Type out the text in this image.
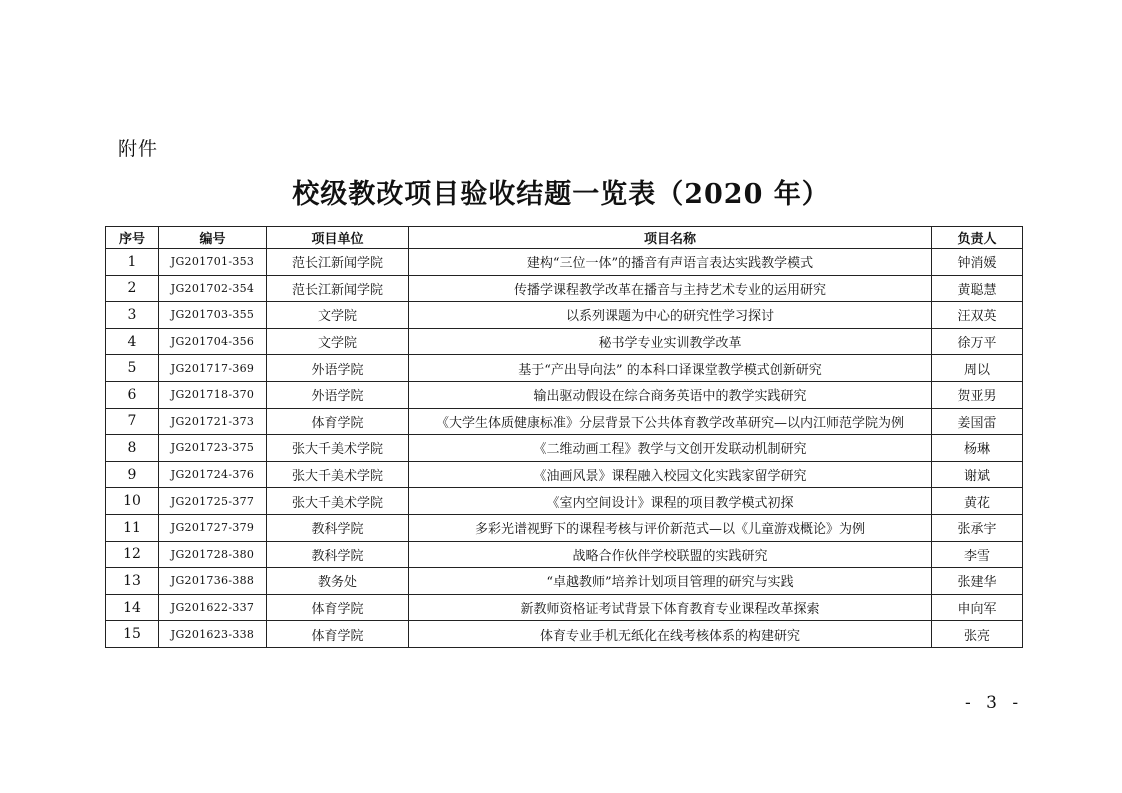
附件
校级教改项目验收结题一览表（2020 年）
序号	编号	项目单位	项目名称	负责人
1	JG201701-353	范长江新闻学院	建构“三位一体”的播音有声语言表达实践教学模式	钟消媛
2	JG201702-354	范长江新闻学院	传播学课程教学改革在播音与主持艺术专业的运用研究	黄聪慧
3	JG201703-355	文学院	以系列课题为中心的研究性学习探讨	汪双英
4	JG201704-356	文学院	秘书学专业实训教学改革	徐万平
5	JG201717-369	外语学院	基于“产出导向法” 的本科口译课堂教学模式创新研究	周以
6	JG201718-370	外语学院	输出驱动假设在综合商务英语中的教学实践研究	贺亚男
7	JG201721-373	体育学院	《大学生体质健康标准》分层背景下公共体育教学改革研究—以内江师范学院为例	姜国雷
8	JG201723-375	张大千美术学院	《二维动画工程》教学与文创开发联动机制研究	杨琳
9	JG201724-376	张大千美术学院	《油画风景》课程融入校园文化实践家留学研究	谢斌
10	JG201725-377	张大千美术学院	《室内空间设计》课程的项目教学模式初探	黄花
11	JG201727-379	教科学院	多彩光谱视野下的课程考核与评价新范式—以《儿童游戏概论》为例	张承宇
12	JG201728-380	教科学院	战略合作伙伴学校联盟的实践研究	李雪
13	JG201736-388	教务处	“卓越教师”培养计划项目管理的研究与实践	张建华
14	JG201622-337	体育学院	新教师资格证考试背景下体育教育专业课程改革探索	申向军
15	JG201623-338	体育学院	体育专业手机无纸化在线考核体系的构建研究	张亮
- 3 -
